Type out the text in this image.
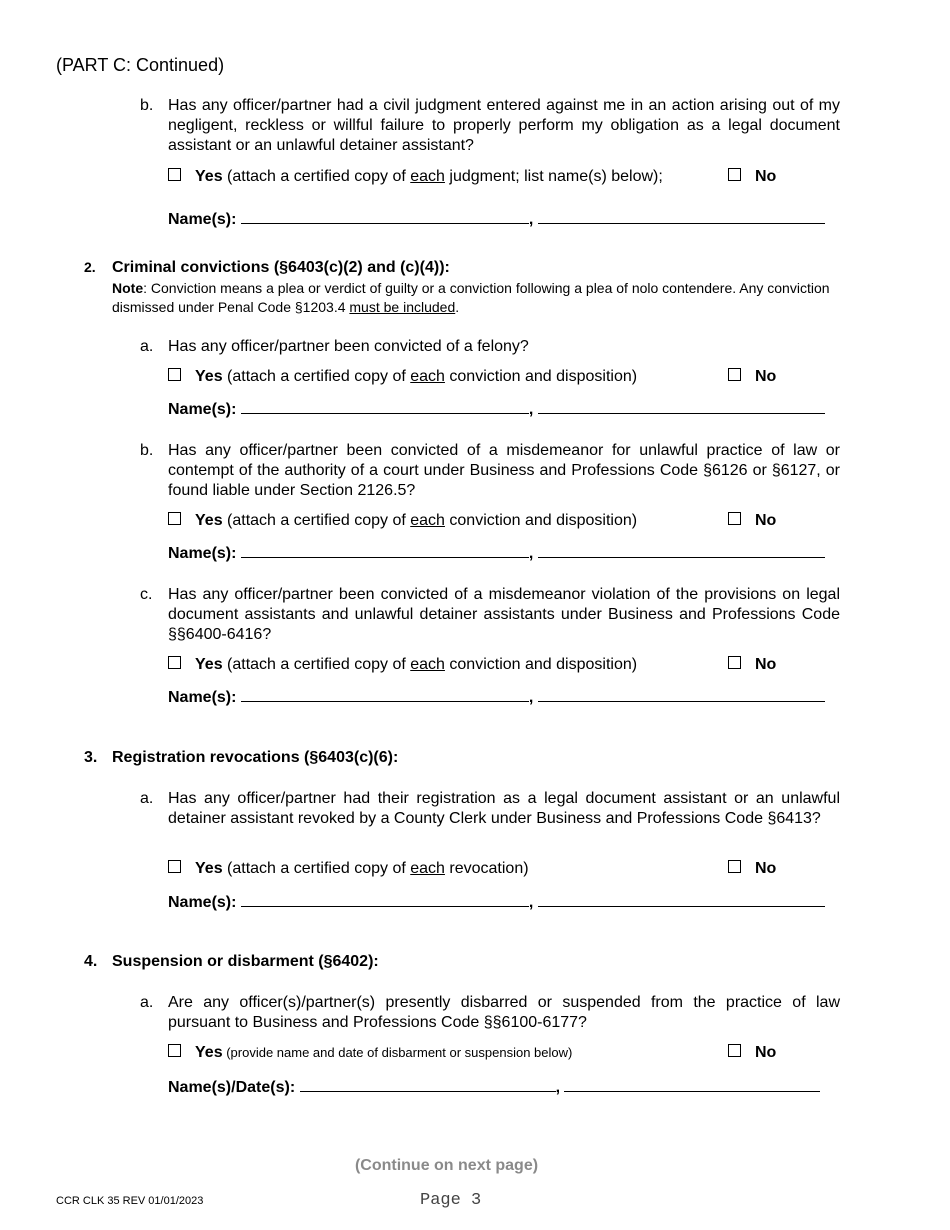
(PART C: Continued)
b. Has any officer/partner had a civil judgment entered against me in an action arising out of my negligent, reckless or willful failure to properly perform my obligation as a legal document assistant or an unlawful detainer assistant?
Yes (attach a certified copy of each judgment; list name(s) below);	No
Name(s):	,
2. Criminal convictions (§6403(c)(2) and (c)(4)):
Note: Conviction means a plea or verdict of guilty or a conviction following a plea of nolo contendere. Any conviction dismissed under Penal Code §1203.4 must be included.
a. Has any officer/partner been convicted of a felony?
Yes (attach a certified copy of each conviction and disposition)	No
Name(s):	,
b. Has any officer/partner been convicted of a misdemeanor for unlawful practice of law or contempt of the authority of a court under Business and Professions Code §6126 or §6127, or found liable under Section 2126.5?
Yes (attach a certified copy of each conviction and disposition)	No
Name(s):	,
c. Has any officer/partner been convicted of a misdemeanor violation of the provisions on legal document assistants and unlawful detainer assistants under Business and Professions Code §§6400-6416?
Yes (attach a certified copy of each conviction and disposition)	No
Name(s):	,
3. Registration revocations (§6403(c)(6):
a. Has any officer/partner had their registration as a legal document assistant or an unlawful detainer assistant revoked by a County Clerk under Business and Professions Code §6413?
Yes (attach a certified copy of each revocation)	No
Name(s):	,
4. Suspension or disbarment (§6402):
a. Are any officer(s)/partner(s) presently disbarred or suspended from the practice of law pursuant to Business and Professions Code §§6100-6177?
Yes (provide name and date of disbarment or suspension below)	No
Name(s)/Date(s):	,
(Continue on next page)
CCR CLK 35 REV 01/01/2023	Page 3
